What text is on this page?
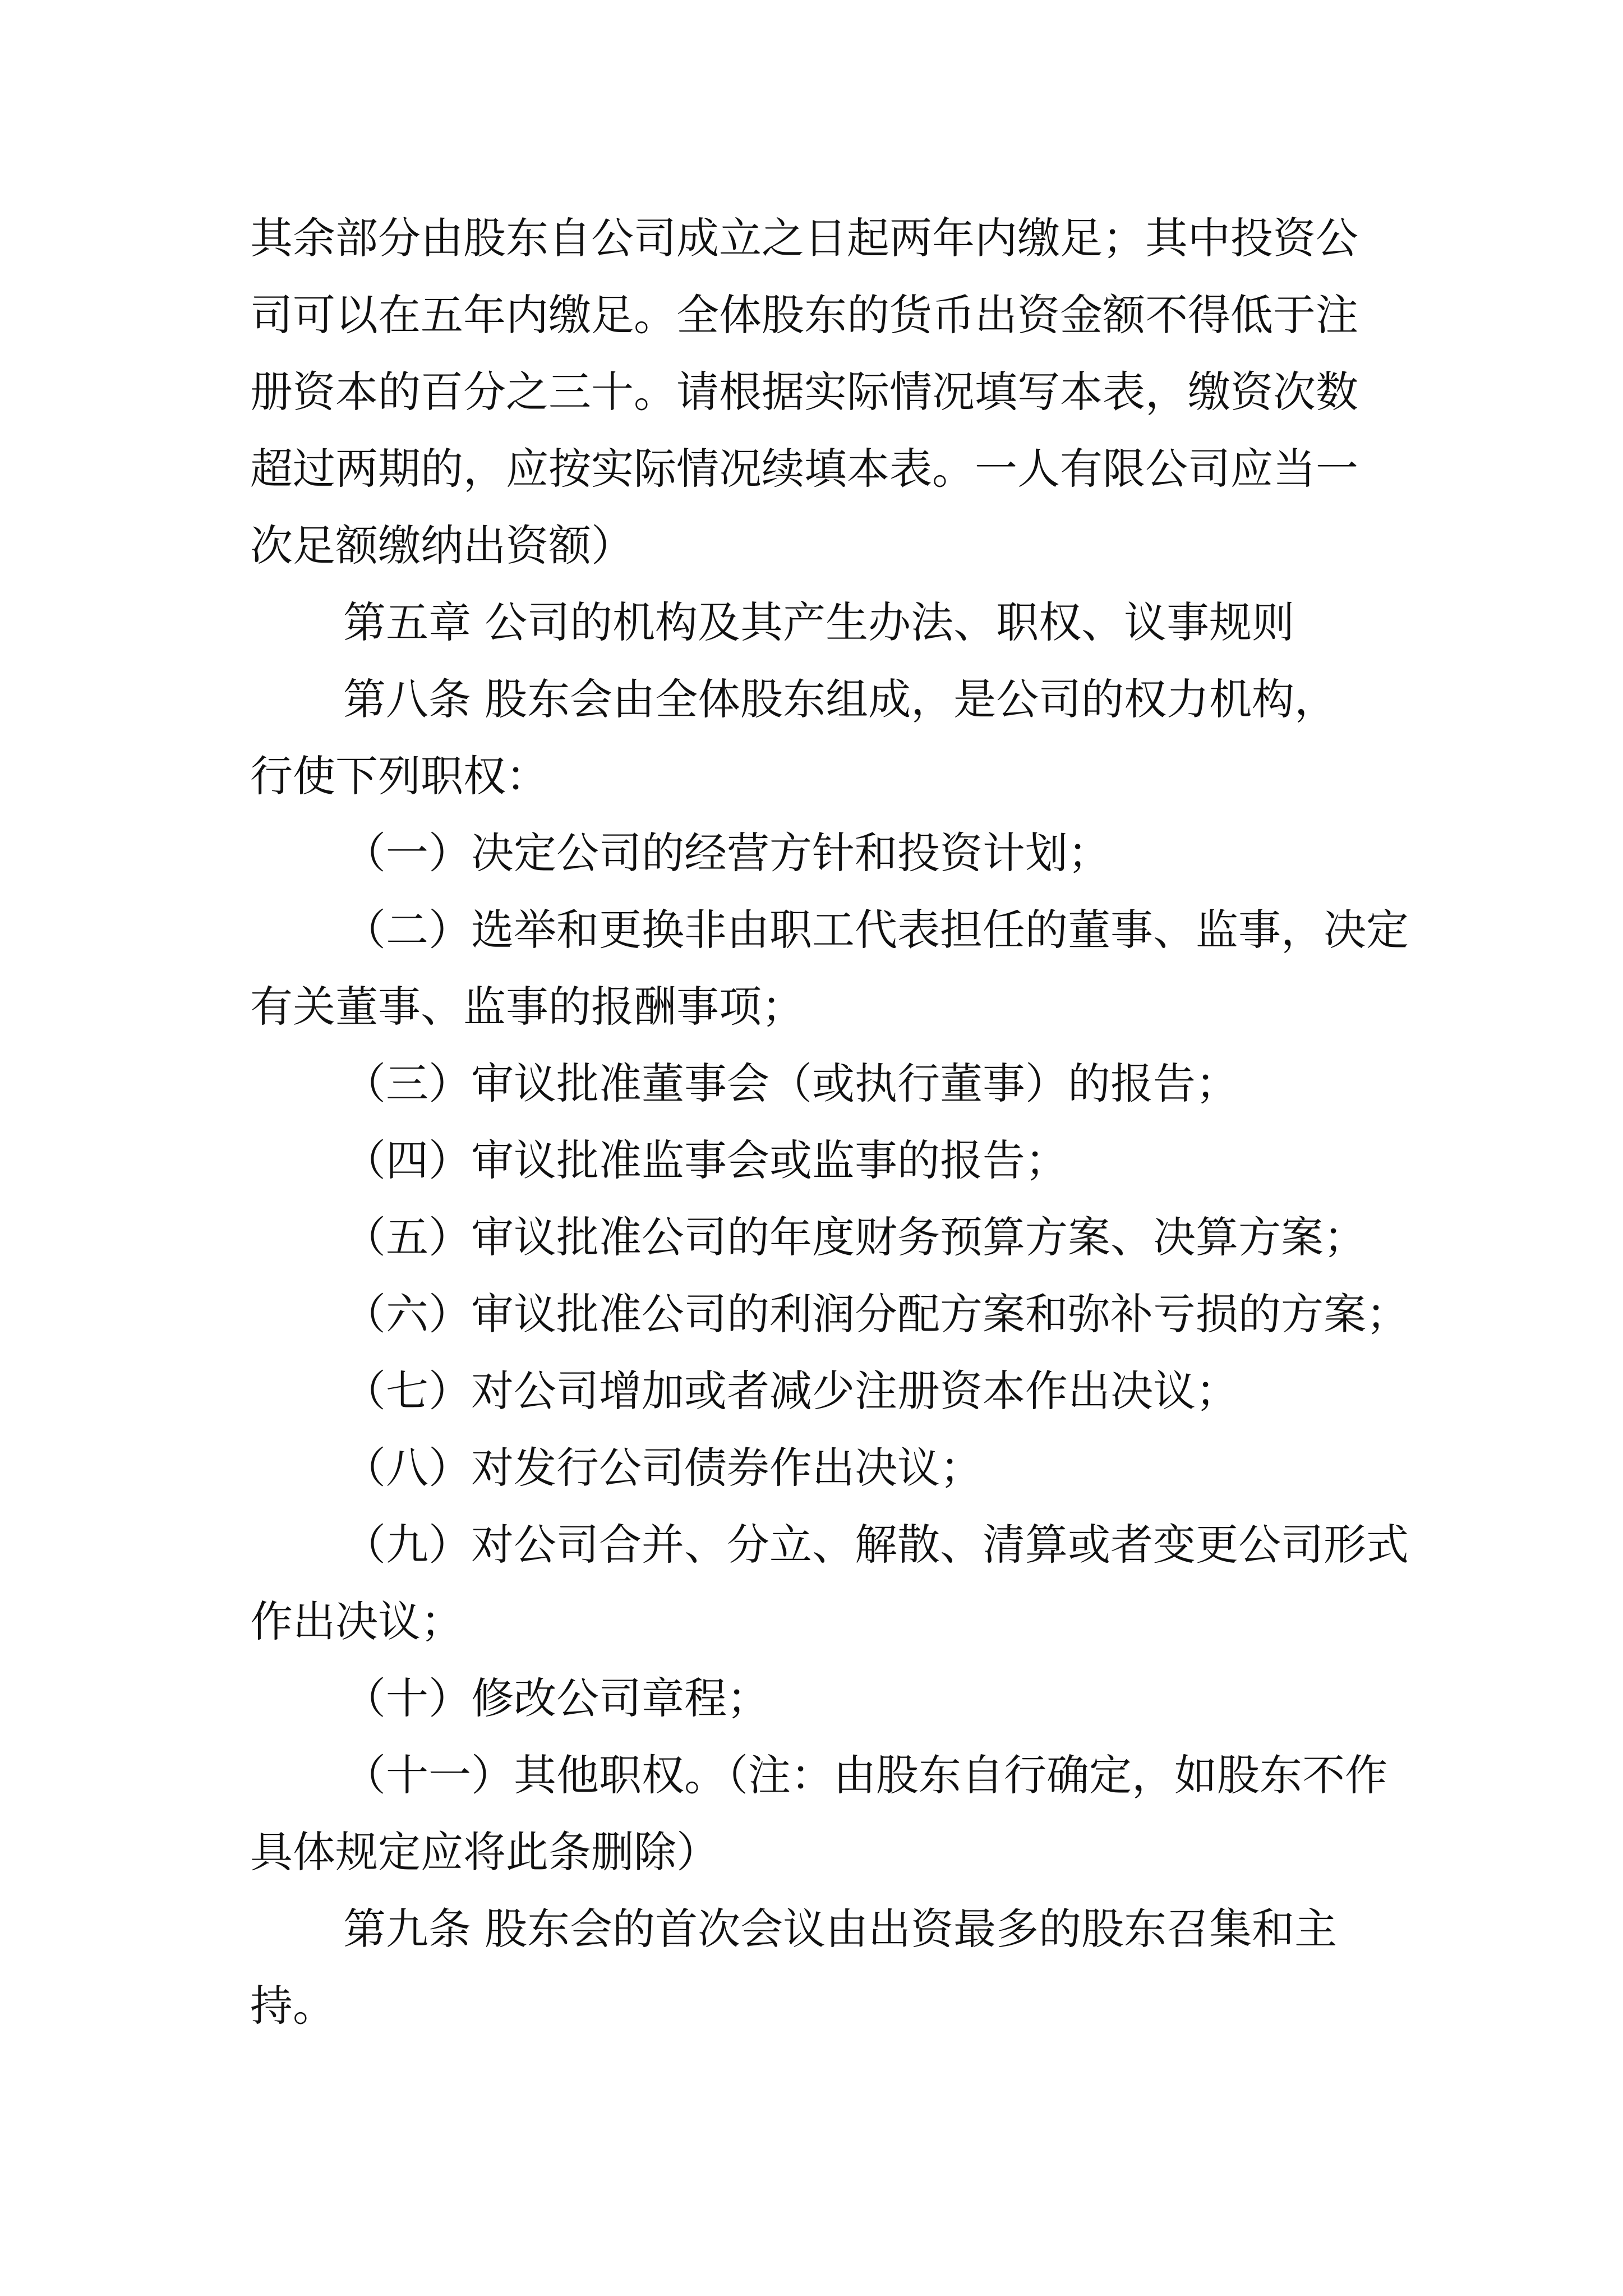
其余部分由股东自公司成立之日起两年内缴足；其中投资公
司可以在五年内缴足。全体股东的货币出资金额不得低于注
册资本的百分之三十。请根据实际情况填写本表，缴资次数
超过两期的，应按实际情况续填本表。一人有限公司应当一
次足额缴纳出资额）
第五章 公司的机构及其产生办法、职权、议事规则
第八条 股东会由全体股东组成，是公司的权力机构，
行使下列职权：
（一）决定公司的经营方针和投资计划；
（二）选举和更换非由职工代表担任的董事、监事，决定
有关董事、监事的报酬事项；
（三）审议批准董事会（或执行董事）的报告；
（四）审议批准监事会或监事的报告；
（五）审议批准公司的年度财务预算方案、决算方案；
（六）审议批准公司的利润分配方案和弥补亏损的方案；
（七）对公司增加或者减少注册资本作出决议；
（八）对发行公司债券作出决议；
（九）对公司合并、分立、解散、清算或者变更公司形式
作出决议；
（十）修改公司章程；
（十一）其他职权。（注：由股东自行确定，如股东不作
具体规定应将此条删除）
第九条 股东会的首次会议由出资最多的股东召集和主
持。
